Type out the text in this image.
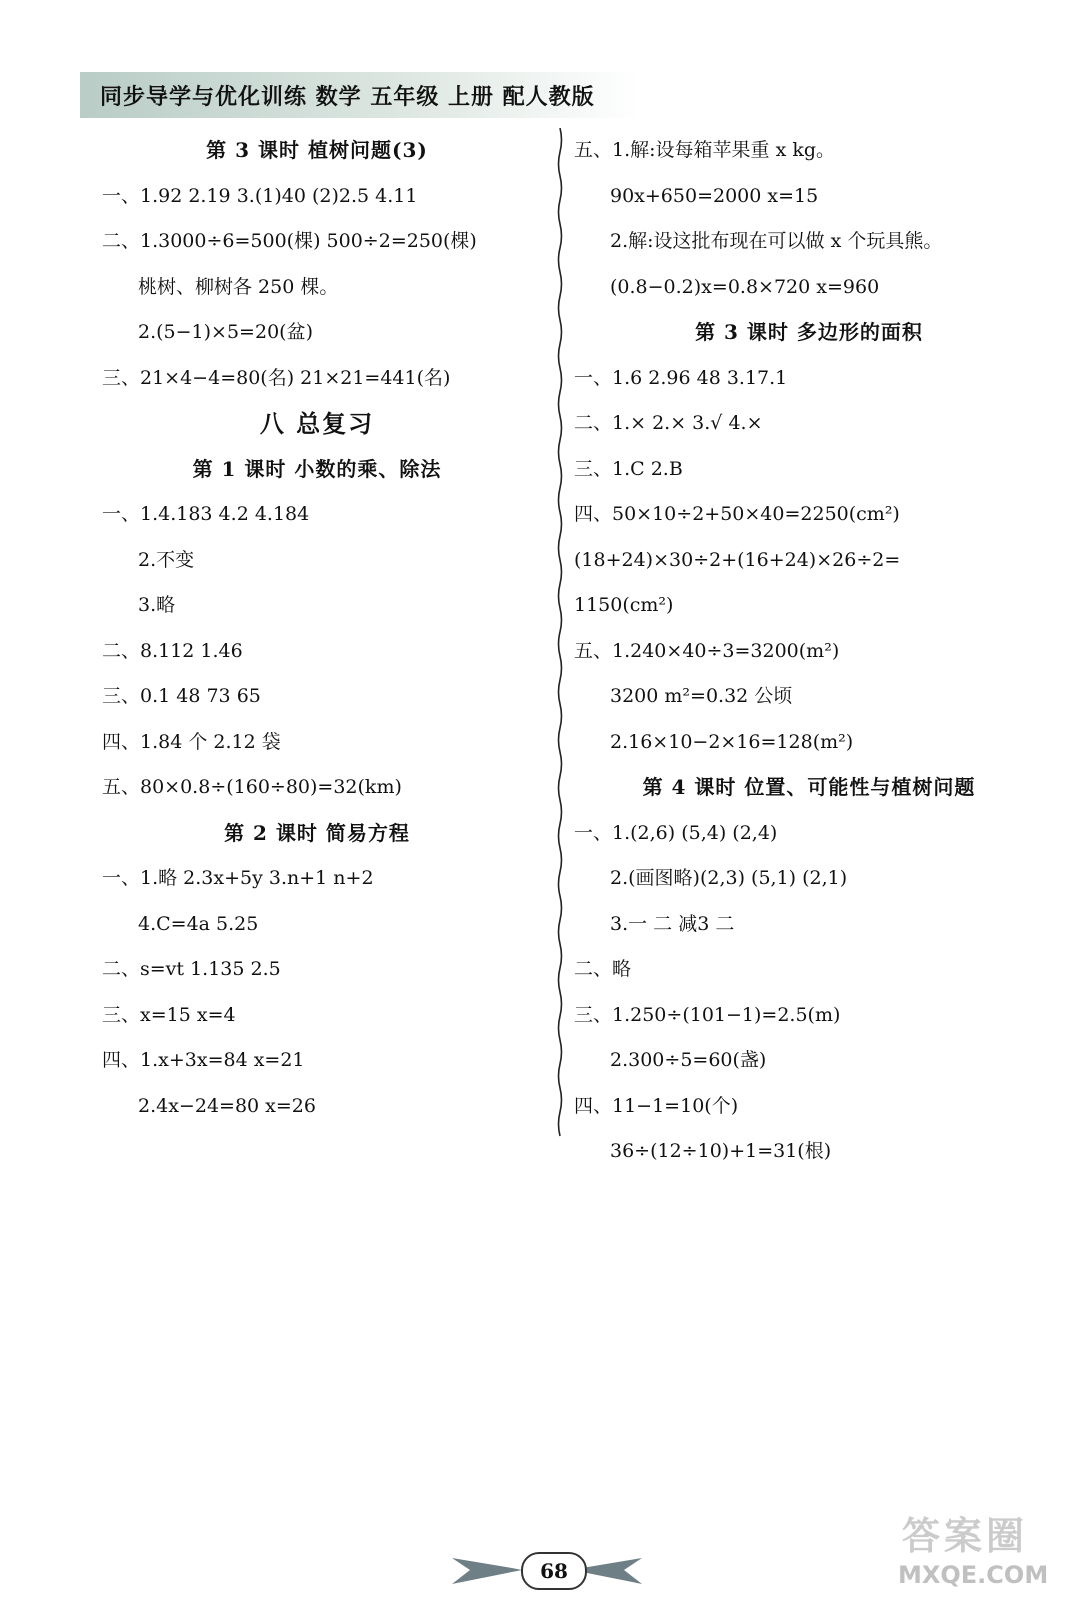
同步导学与优化训练 数学 五年级 上册 配人教版
第 3 课时 植树问题(3)
一、1.92 2.19 3.(1)40 (2)2.5 4.11
二、1.3000÷6=500(棵) 500÷2=250(棵)
桃树、柳树各 250 棵。
2.(5−1)×5=20(盆)
三、21×4−4=80(名) 21×21=441(名)
八 总复习
第 1 课时 小数的乘、除法
一、1.4.183 4.2 4.184
2.不变
3.略
二、8.112 1.46
三、0.1 48 73 65
四、1.84 个 2.12 袋
五、80×0.8÷(160÷80)=32(km)
第 2 课时 简易方程
一、1.略 2.3x+5y 3.n+1 n+2
4.C=4a 5.25
二、s=vt 1.135 2.5
三、x=15 x=4
四、1.x+3x=84 x=21
2.4x−24=80 x=26
五、1.解:设每箱苹果重 x kg。
90x+650=2000 x=15
2.解:设这批布现在可以做 x 个玩具熊。
(0.8−0.2)x=0.8×720 x=960
第 3 课时 多边形的面积
一、1.6 2.96 48 3.17.1
二、1.× 2.× 3.√ 4.×
三、1.C 2.B
四、50×10÷2+50×40=2250(cm²)
(18+24)×30÷2+(16+24)×26÷2=
1150(cm²)
五、1.240×40÷3=3200(m²)
3200 m²=0.32 公顷
2.16×10−2×16=128(m²)
第 4 课时 位置、可能性与植树问题
一、1.(2,6) (5,4) (2,4)
2.(画图略)(2,3) (5,1) (2,1)
3.一 二 减3 二
二、略
三、1.250÷(101−1)=2.5(m)
2.300÷5=60(盏)
四、11−1=10(个)
36÷(12÷10)+1=31(根)
68
答案圈
MXQE.COM
